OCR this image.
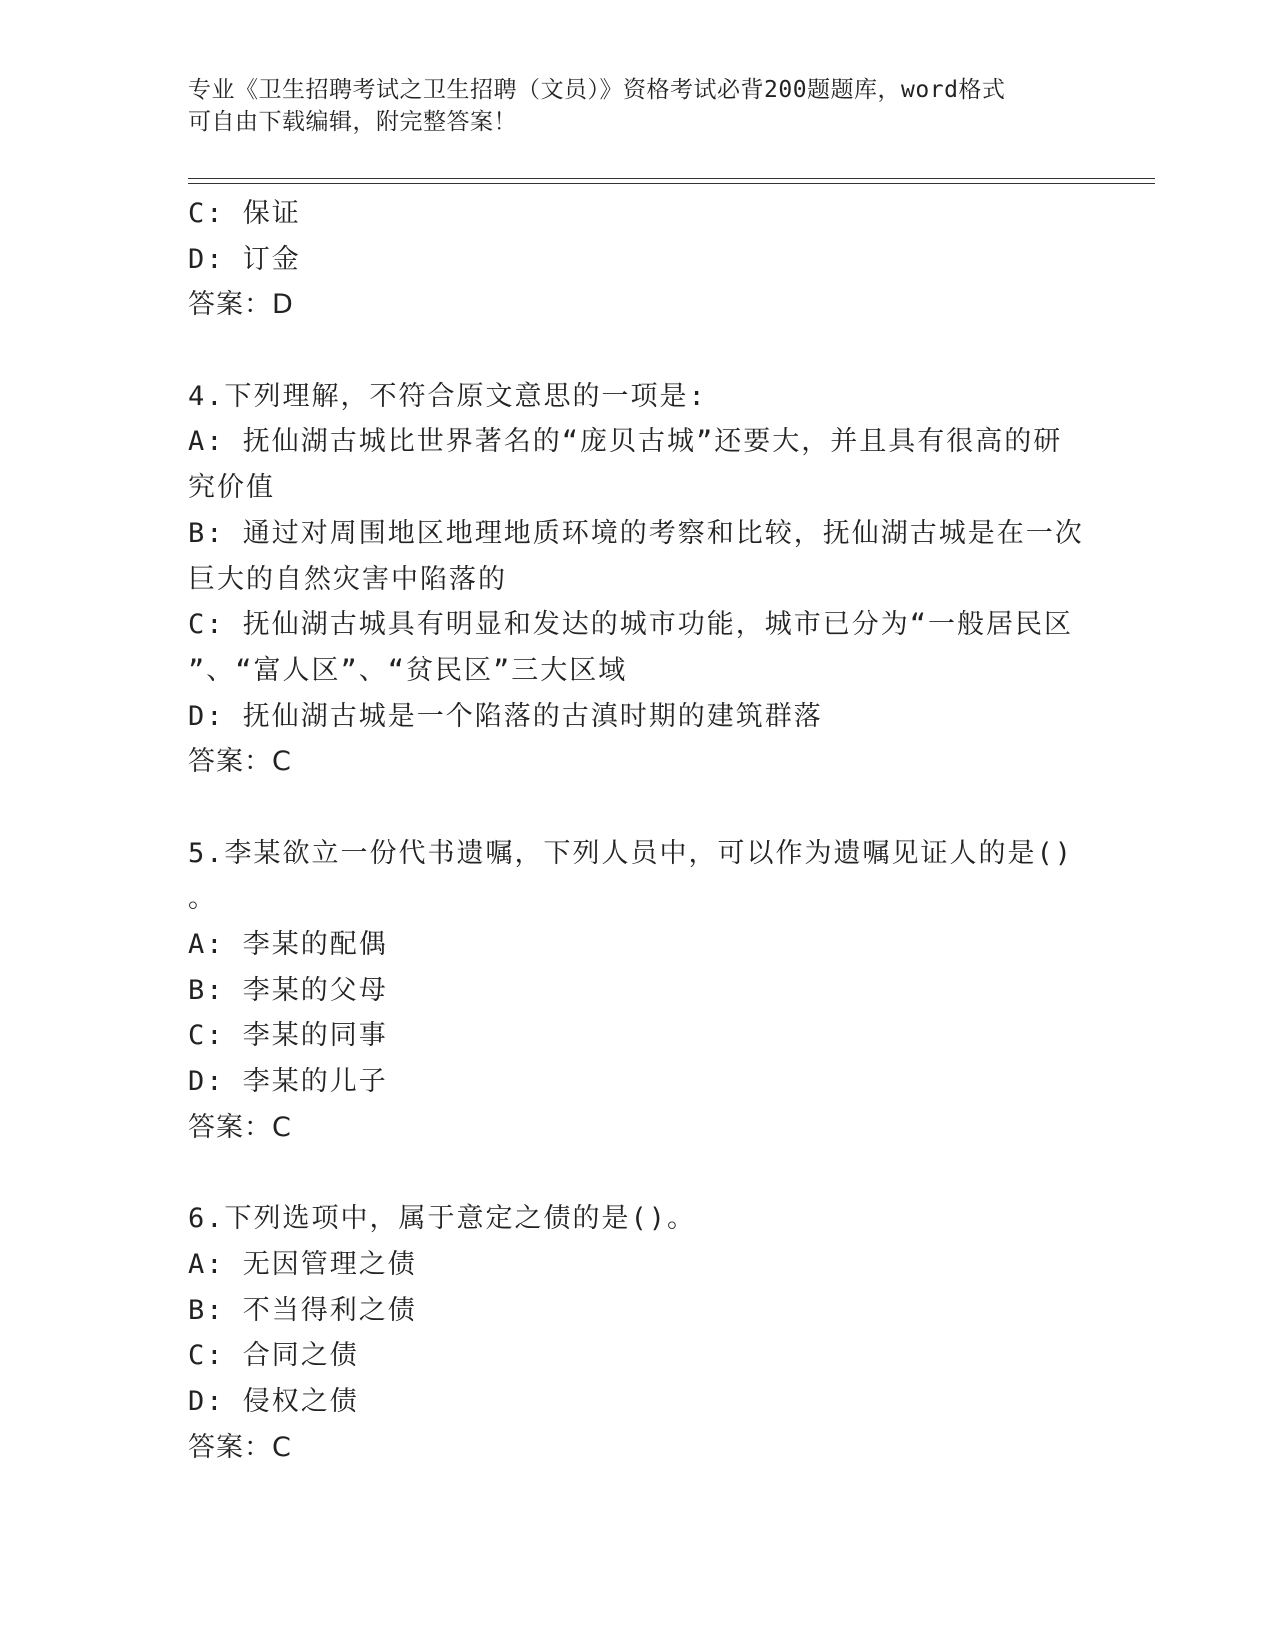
专业《卫生招聘考试之卫生招聘（文员）》资格考试必背200题题库，word格式
可自由下载编辑，附完整答案！
C: 保证
D: 订金
答案：D
4.下列理解，不符合原文意思的一项是:
A: 抚仙湖古城比世界著名的“庞贝古城”还要大，并且具有很高的研
究价值
B: 通过对周围地区地理地质环境的考察和比较，抚仙湖古城是在一次
巨大的自然灾害中陷落的
C: 抚仙湖古城具有明显和发达的城市功能，城市已分为“一般居民区
”、“富人区”、“贫民区”三大区域
D: 抚仙湖古城是一个陷落的古滇时期的建筑群落
答案：C
5.李某欲立一份代书遗嘱，下列人员中，可以作为遗嘱见证人的是()
。
A: 李某的配偶
B: 李某的父母
C: 李某的同事
D: 李某的儿子
答案：C
6.下列选项中，属于意定之债的是()。
A: 无因管理之债
B: 不当得利之债
C: 合同之债
D: 侵权之债
答案：C
